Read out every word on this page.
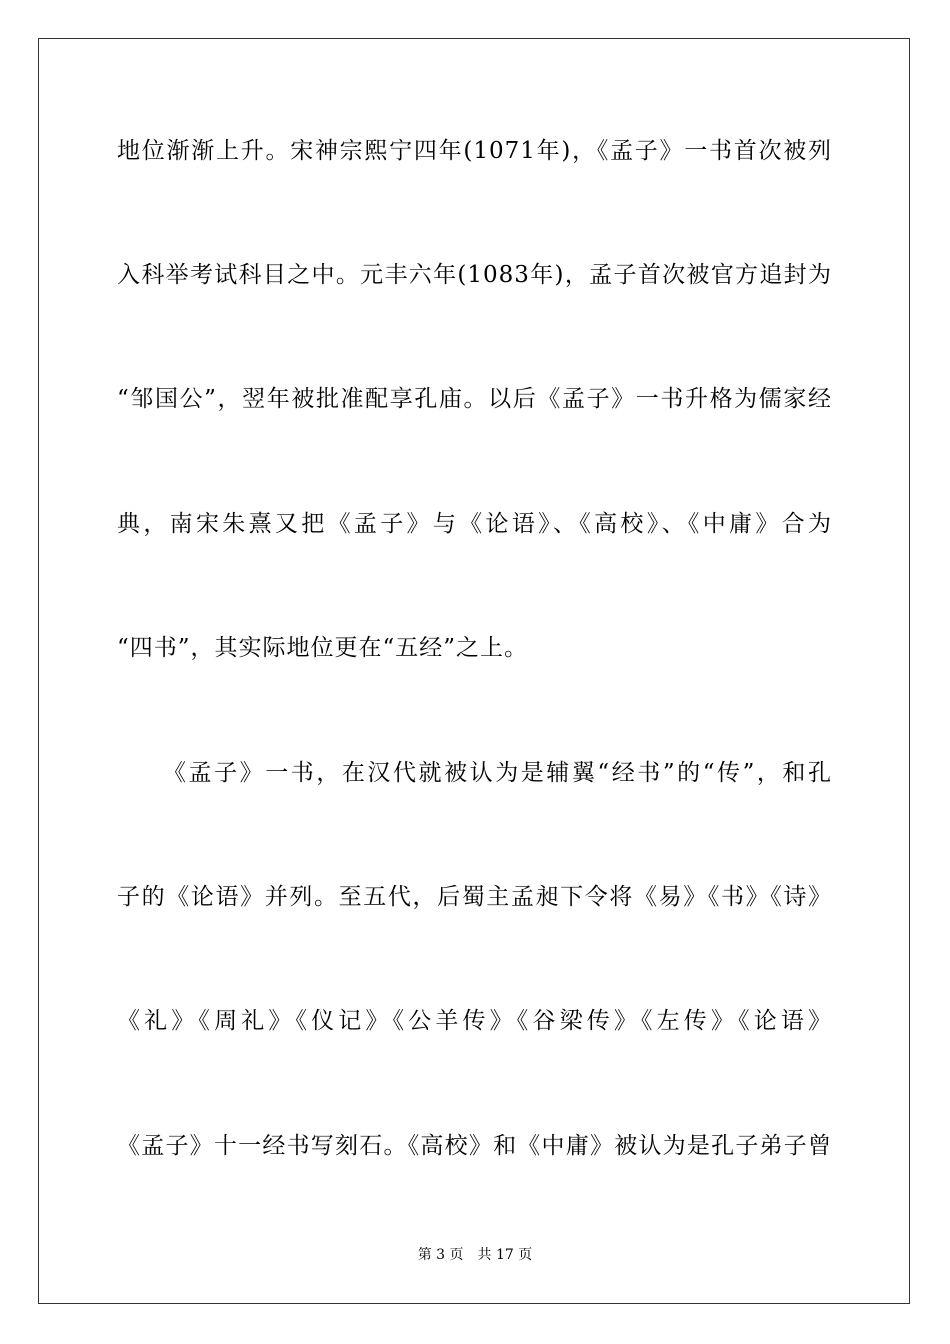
地位渐渐上升。宋神宗熙宁四年(1071年)，《孟子》一书首次被列
入科举考试科目之中。元丰六年(1083年)，孟子首次被官方追封为
“邹国公”，翌年被批准配享孔庙。以后《孟子》一书升格为儒家经
典，南宋朱熹又把《孟子》与《论语》、《高校》、《中庸》合为
“四书”，其实际地位更在“五经”之上。
《孟子》一书，在汉代就被认为是辅翼“经书”的“传”，和孔
子的《论语》并列。至五代，后蜀主孟昶下令将《易》《书》《诗》
《礼》《周礼》《仪记》《公羊传》《谷梁传》《左传》《论语》
《孟子》十一经书写刻石。《高校》和《中庸》被认为是孔子弟子曾
第 3 页　共 17 页
